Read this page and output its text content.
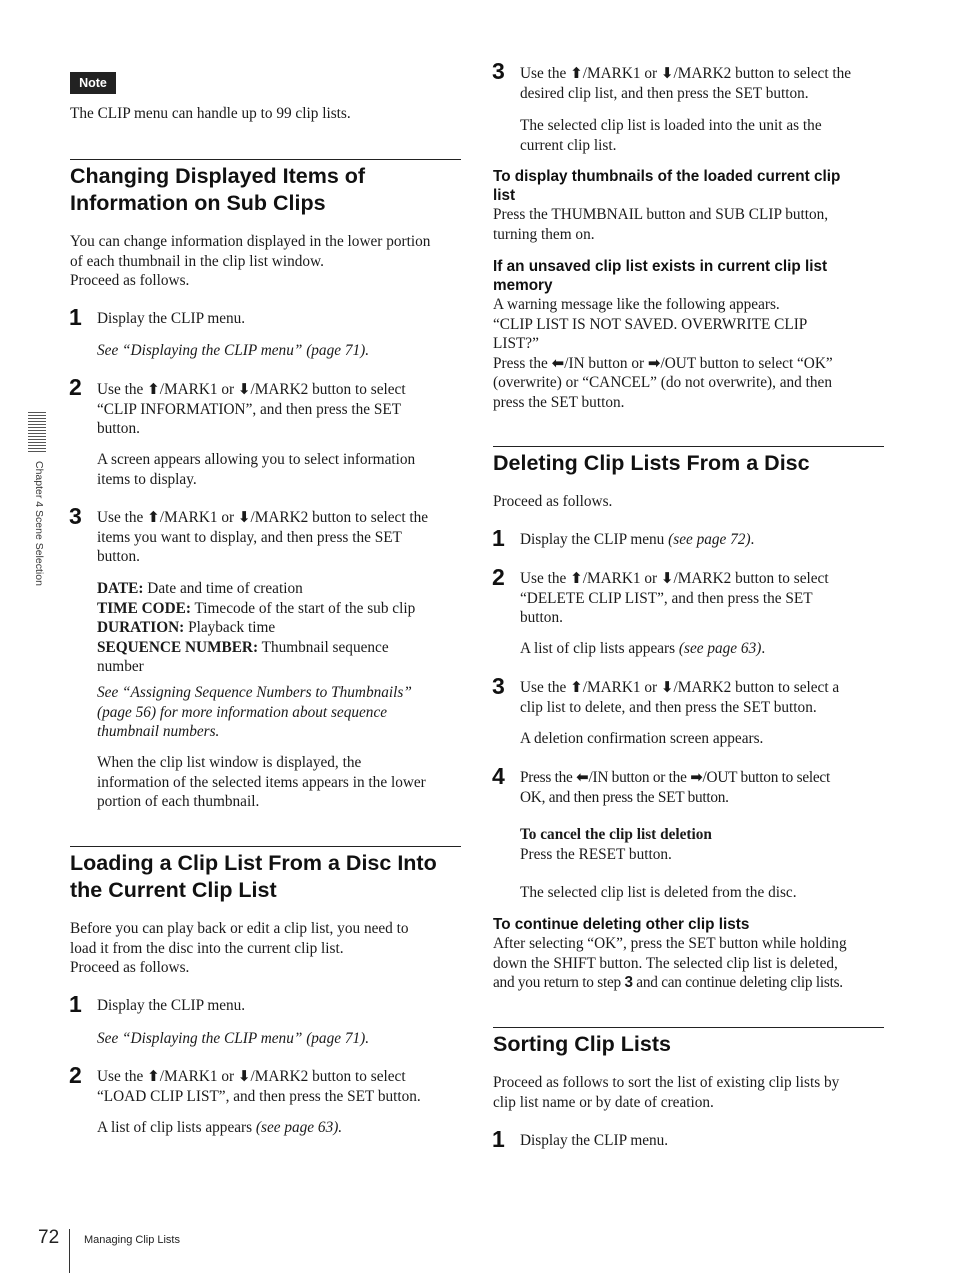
Chapter 4 Scene Selection
Note
The CLIP menu can handle up to 99 clip lists.
Changing Displayed Items of
Information on Sub Clips
You can change information displayed in the lower portion
of each thumbnail in the clip list window.
Proceed as follows.
1 Display the CLIP menu.
See “Displaying the CLIP menu” (page 71).
2 Use the ⬆/MARK1 or ⬇/MARK2 button to select
“CLIP INFORMATION”, and then press the SET
button.
A screen appears allowing you to select information
items to display.
3 Use the ⬆/MARK1 or ⬇/MARK2 button to select the
items you want to display, and then press the SET
button.
DATE: Date and time of creation
TIME CODE: Timecode of the start of the sub clip
DURATION: Playback time
SEQUENCE NUMBER: Thumbnail sequence
number
See “Assigning Sequence Numbers to Thumbnails”
(page 56) for more information about sequence
thumbnail numbers.
When the clip list window is displayed, the
information of the selected items appears in the lower
portion of each thumbnail.
Loading a Clip List From a Disc Into
the Current Clip List
Before you can play back or edit a clip list, you need to
load it from the disc into the current clip list.
Proceed as follows.
1 Display the CLIP menu.
See “Displaying the CLIP menu” (page 71).
2 Use the ⬆/MARK1 or ⬇/MARK2 button to select
“LOAD CLIP LIST”, and then press the SET button.
A list of clip lists appears (see page 63).
3 Use the ⬆/MARK1 or ⬇/MARK2 button to select the
desired clip list, and then press the SET button.
The selected clip list is loaded into the unit as the
current clip list.
To display thumbnails of the loaded current clip
list
Press the THUMBNAIL button and SUB CLIP button,
turning them on.
If an unsaved clip list exists in current clip list
memory
A warning message like the following appears.
“CLIP LIST IS NOT SAVED. OVERWRITE CLIP
LIST?”
Press the ⬅/IN button or ➡/OUT button to select “OK”
(overwrite) or “CANCEL” (do not overwrite), and then
press the SET button.
Deleting Clip Lists From a Disc
Proceed as follows.
1 Display the CLIP menu (see page 72).
2 Use the ⬆/MARK1 or ⬇/MARK2 button to select
“DELETE CLIP LIST”, and then press the SET
button.
A list of clip lists appears (see page 63).
3 Use the ⬆/MARK1 or ⬇/MARK2 button to select a
clip list to delete, and then press the SET button.
A deletion confirmation screen appears.
4 Press the ⬅/IN button or the ➡/OUT button to select
OK, and then press the SET button.
To cancel the clip list deletion
Press the RESET button.
The selected clip list is deleted from the disc.
To continue deleting other clip lists
After selecting “OK”, press the SET button while holding
down the SHIFT button. The selected clip list is deleted,
and you return to step 3 and can continue deleting clip lists.
Sorting Clip Lists
Proceed as follows to sort the list of existing clip lists by
clip list name or by date of creation.
1 Display the CLIP menu.
72 Managing Clip Lists
